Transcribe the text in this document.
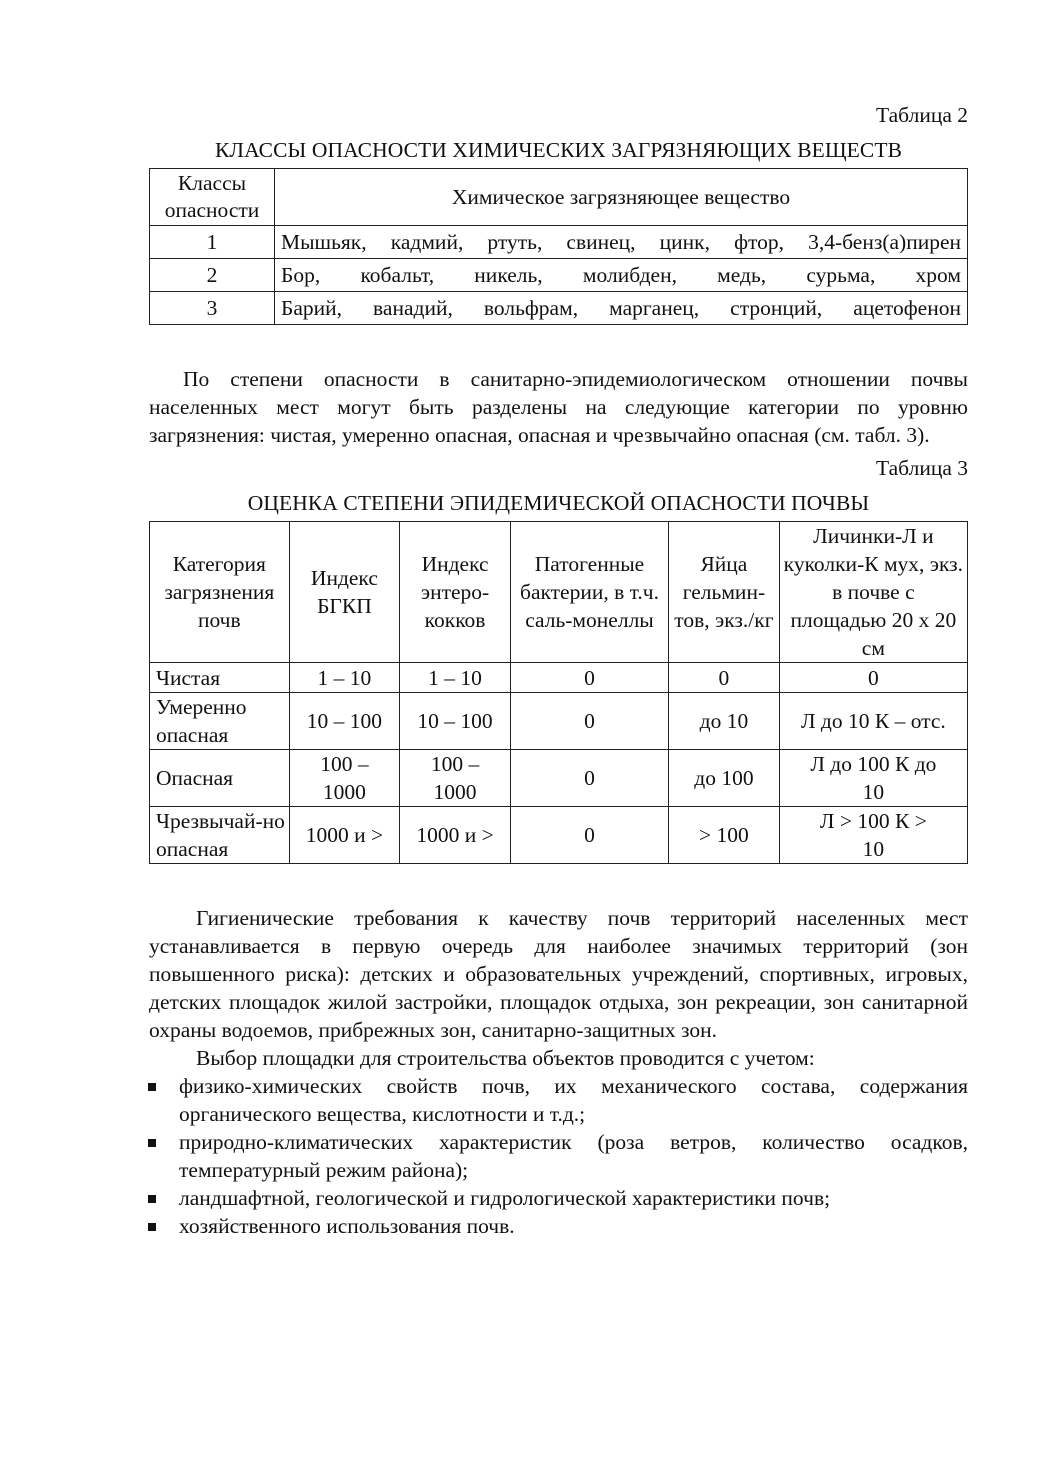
Таблица 2

КЛАССЫ ОПАСНОСТИ ХИМИЧЕСКИХ ЗАГРЯЗНЯЮЩИХ ВЕЩЕСТВ

Классы опасности	Химическое загрязняющее вещество
1	Мышьяк, кадмий, ртуть, свинец, цинк, фтор, 3,4-бенз(а)пирен
2	Бор, кобальт, никель, молибден, медь, сурьма, хром
3	Барий, ванадий, вольфрам, марганец, стронций, ацетофенон

По степени опасности в санитарно-эпидемиологическом отношении почвы населенных мест могут быть разделены на следующие категории по уровню загрязнения: чистая, умеренно опасная, опасная и чрезвычайно опасная (см. табл. 3).

Таблица 3

ОЦЕНКА СТЕПЕНИ ЭПИДЕМИЧЕСКОЙ ОПАСНОСТИ ПОЧВЫ

Категория загрязнения почв	Индекс БГКП	Индекс энтеро-кокков	Патогенные бактерии, в т.ч. саль-монеллы	Яйца гельмин-тов, экз./кг	Личинки-Л и куколки-К мух, экз. в почве с площадью 20 х 20 см
Чистая	1 – 10	1 – 10	0	0	0
Умеренно опасная	10 – 100	10 – 100	0	до 10	Л до 10 К – отс.
Опасная	100 – 1000	100 – 1000	0	до 100	Л до 100 К до 10
Чрезвычай-но опасная	1000 и >	1000 и >	0	> 100	Л > 100 К > 10

Гигиенические требования к качеству почв территорий населенных мест устанавливается в первую очередь для наиболее значимых территорий (зон повышенного риска): детских и образовательных учреждений, спортивных, игровых, детских площадок жилой застройки, площадок отдыха, зон рекреации, зон санитарной охраны водоемов, прибрежных зон, санитарно-защитных зон.

Выбор площадки для строительства объектов проводится с учетом:

физико-химических свойств почв, их механического состава, содержания органического вещества, кислотности и т.д.;
природно-климатических характеристик (роза ветров, количество осадков, температурный режим района);
ландшафтной, геологической и гидрологической характеристики почв;
хозяйственного использования почв.
